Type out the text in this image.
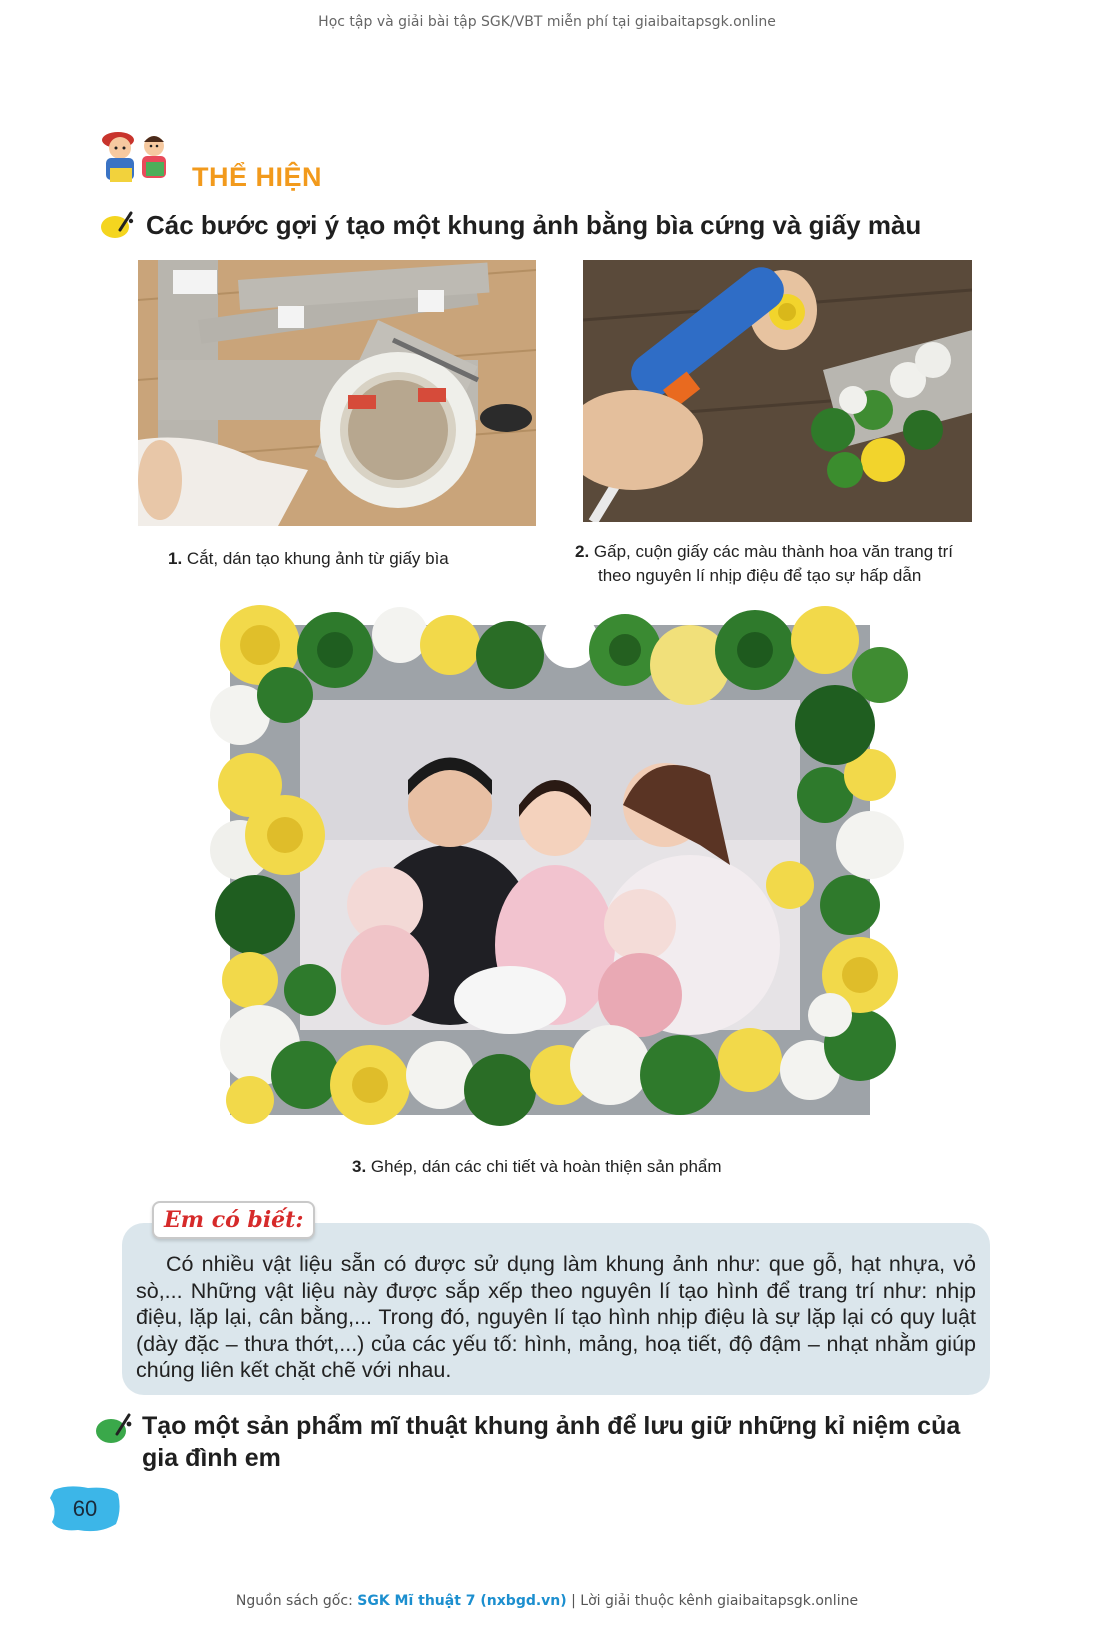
Học tập và giải bài tập SGK/VBT miễn phí tại giaibaitapsgk.online
THỂ HIỆN
Các bước gợi ý tạo một khung ảnh bằng bìa cứng và giấy màu
1. Cắt, dán tạo khung ảnh từ giấy bìa	2. Gấp, cuộn giấy các màu thành hoa văn trang trí
theo nguyên lí nhịp điệu để tạo sự hấp dẫn
3. Ghép, dán các chi tiết và hoàn thiện sản phẩm
Em có biết:
Có nhiều vật liệu sẵn có được sử dụng làm khung ảnh như: que gỗ, hạt nhựa, vỏ sò,... Những vật liệu này được sắp xếp theo nguyên lí tạo hình để trang trí như: nhịp điệu, lặp lại, cân bằng,... Trong đó, nguyên lí tạo hình nhịp điệu là sự lặp lại có quy luật (dày đặc – thưa thớt,...) của các yếu tố: hình, mảng, hoạ tiết, độ đậm – nhạt nhằm giúp chúng liên kết chặt chẽ với nhau.
Tạo một sản phẩm mĩ thuật khung ảnh để lưu giữ những kỉ niệm của gia đình em
60
Nguồn sách gốc: SGK Mĩ thuật 7 (nxbgd.vn) | Lời giải thuộc kênh giaibaitapsgk.online
